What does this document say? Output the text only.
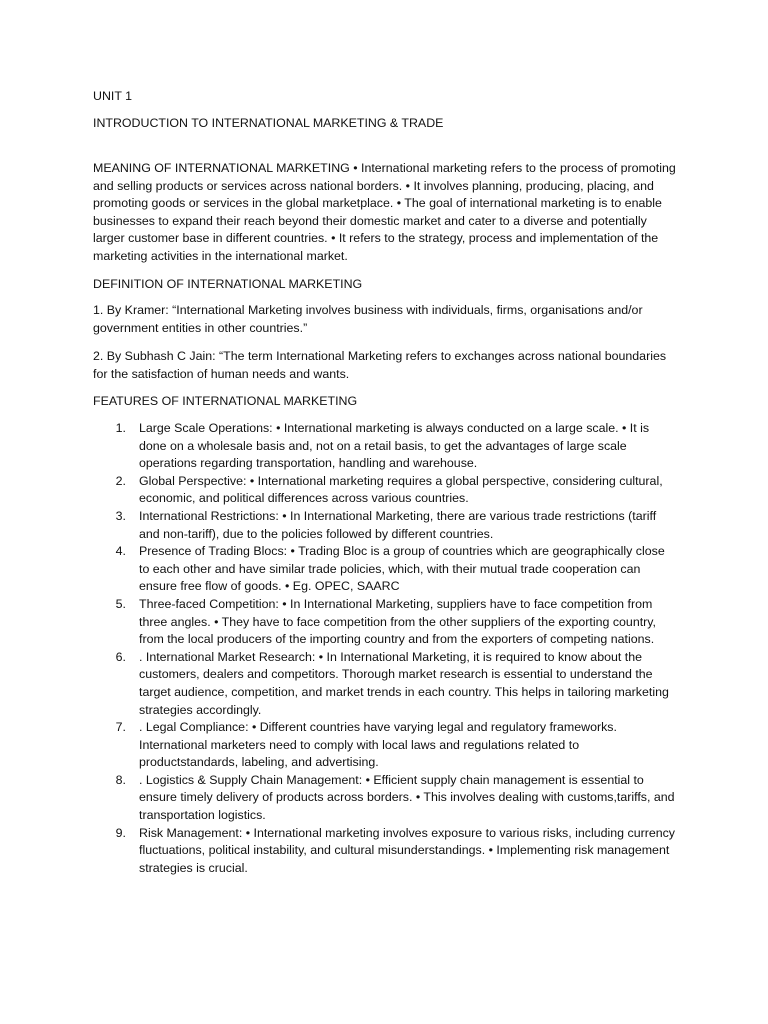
UNIT 1

INTRODUCTION TO INTERNATIONAL MARKETING & TRADE

MEANING OF INTERNATIONAL MARKETING • International marketing refers to the process of promoting and selling products or services across national borders. • It involves planning, producing, placing, and promoting goods or services in the global marketplace. • The goal of international marketing is to enable businesses to expand their reach beyond their domestic market and cater to a diverse and potentially larger customer base in different countries. • It refers to the strategy, process and implementation of the marketing activities in the international market.

DEFINITION OF INTERNATIONAL MARKETING

1. By Kramer: “International Marketing involves business with individuals, firms, organisations and/or government entities in other countries.”

2. By Subhash C Jain: “The term International Marketing refers to exchanges across national boundaries for the satisfaction of human needs and wants.

FEATURES OF INTERNATIONAL MARKETING

1. Large Scale Operations: • International marketing is always conducted on a large scale. • It is done on a wholesale basis and, not on a retail basis, to get the advantages of large scale operations regarding transportation, handling and warehouse.
2. Global Perspective: • International marketing requires a global perspective, considering cultural, economic, and political differences across various countries.
3. International Restrictions: • In International Marketing, there are various trade restrictions (tariff and non-tariff), due to the policies followed by different countries.
4. Presence of Trading Blocs: • Trading Bloc is a group of countries which are geographically close to each other and have similar trade policies, which, with their mutual trade cooperation can ensure free flow of goods. • Eg. OPEC, SAARC
5. Three-faced Competition: • In International Marketing, suppliers have to face competition from three angles. • They have to face competition from the other suppliers of the exporting country, from the local producers of the importing country and from the exporters of competing nations.
6. . International Market Research: • In International Marketing, it is required to know about the customers, dealers and competitors. Thorough market research is essential to understand the target audience, competition, and market trends in each country. This helps in tailoring marketing strategies accordingly.
7. . Legal Compliance: • Different countries have varying legal and regulatory frameworks. International marketers need to comply with local laws and regulations related to productstandards, labeling, and advertising.
8. . Logistics & Supply Chain Management: • Efficient supply chain management is essential to ensure timely delivery of products across borders. • This involves dealing with customs,tariffs, and transportation logistics.
9. Risk Management: • International marketing involves exposure to various risks, including currency fluctuations, political instability, and cultural misunderstandings. • Implementing risk management strategies is crucial.
